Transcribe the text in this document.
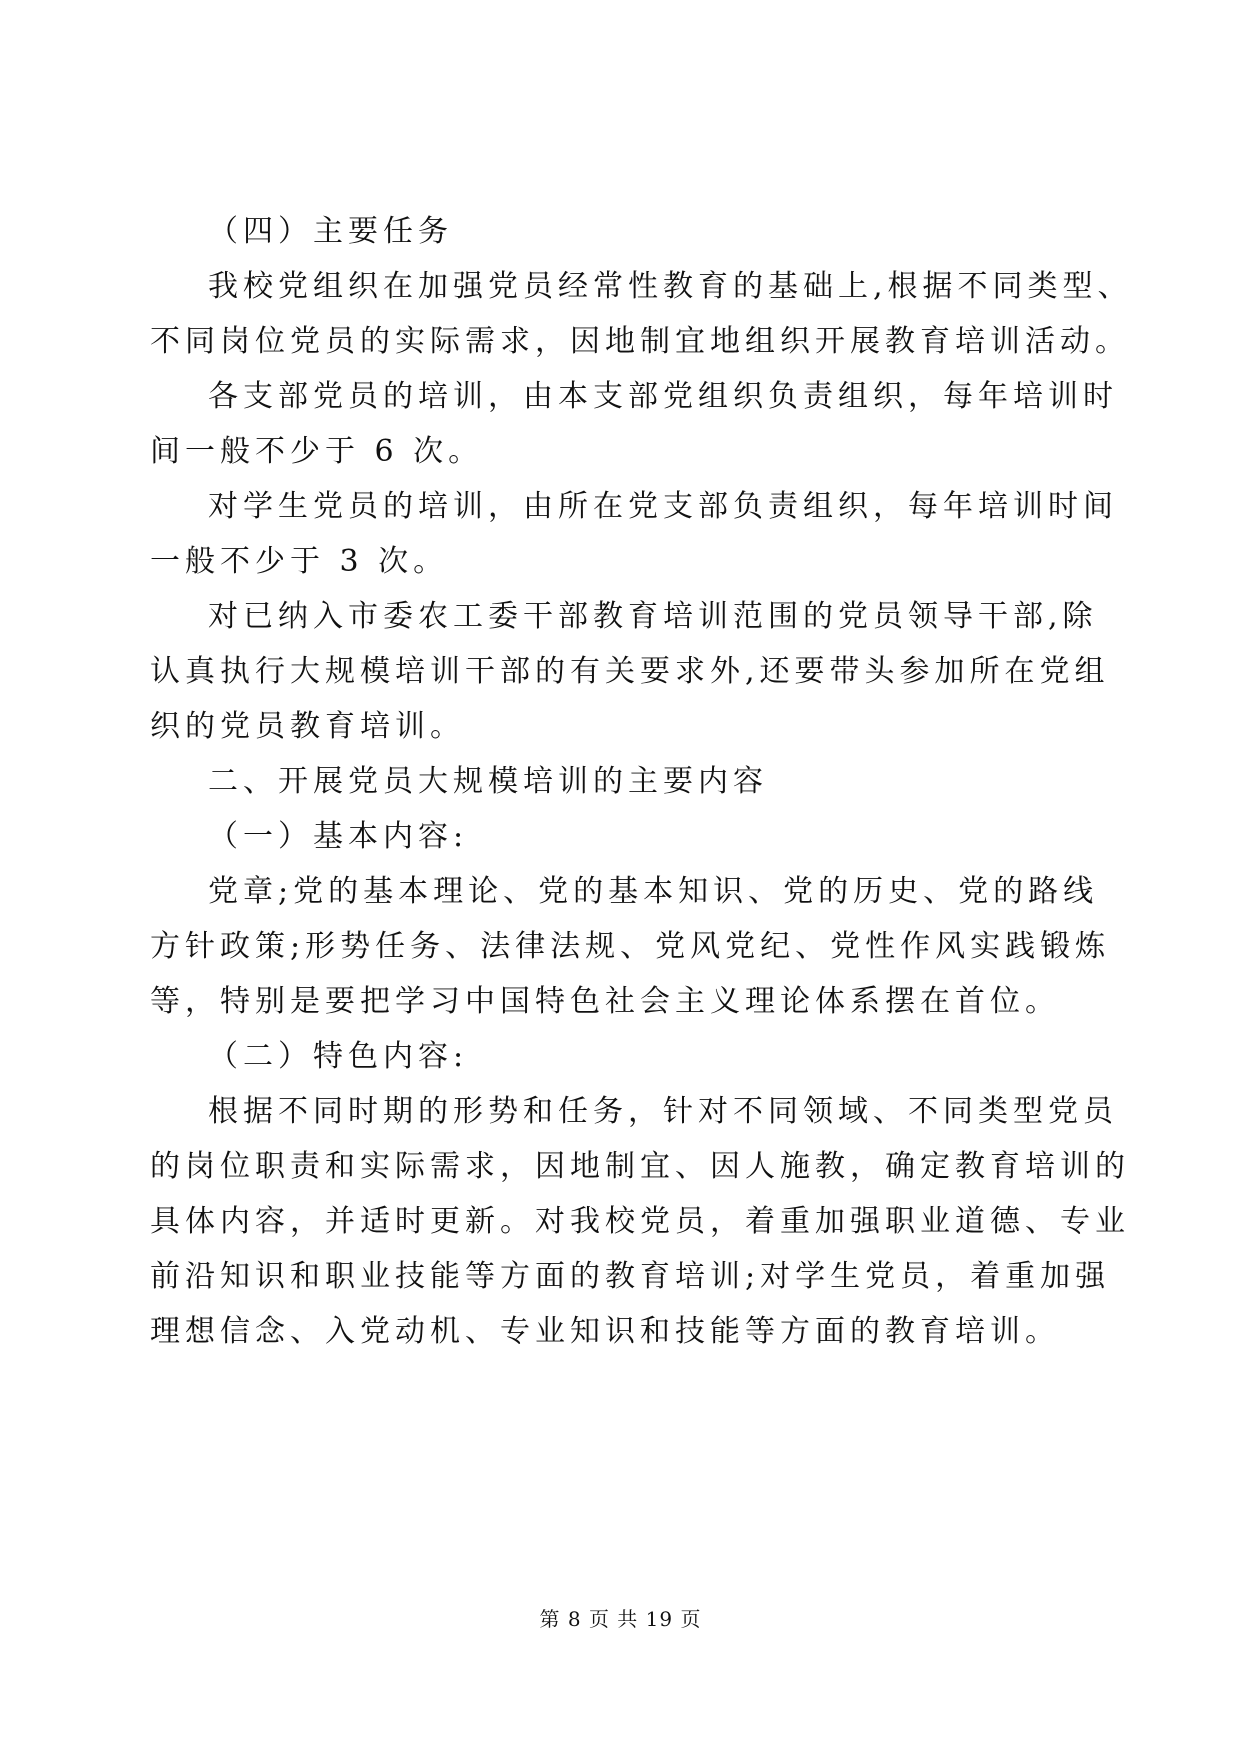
（四）主要任务
我校党组织在加强党员经常性教育的基础上,根据不同类型、
不同岗位党员的实际需求，因地制宜地组织开展教育培训活动。
各支部党员的培训，由本支部党组织负责组织，每年培训时
间一般不少于 6 次。
对学生党员的培训，由所在党支部负责组织，每年培训时间
一般不少于 3 次。
对已纳入市委农工委干部教育培训范围的党员领导干部,除
认真执行大规模培训干部的有关要求外,还要带头参加所在党组
织的党员教育培训。
二、开展党员大规模培训的主要内容
（一）基本内容:
党章;党的基本理论、党的基本知识、党的历史、党的路线
方针政策;形势任务、法律法规、党风党纪、党性作风实践锻炼
等，特别是要把学习中国特色社会主义理论体系摆在首位。
（二）特色内容:
根据不同时期的形势和任务，针对不同领域、不同类型党员
的岗位职责和实际需求，因地制宜、因人施教，确定教育培训的
具体内容，并适时更新。对我校党员，着重加强职业道德、专业
前沿知识和职业技能等方面的教育培训;对学生党员，着重加强
理想信念、入党动机、专业知识和技能等方面的教育培训。
第 8 页 共 19 页
